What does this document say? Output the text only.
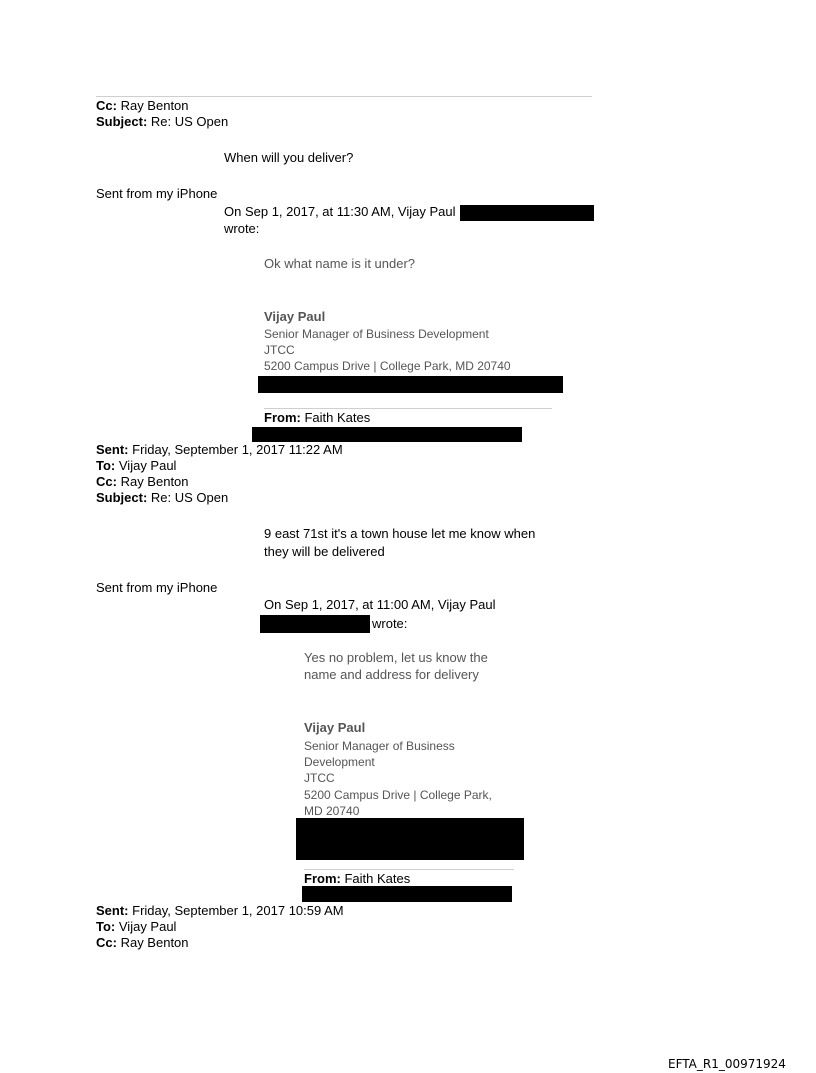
Cc: Ray Benton
Subject: Re: US Open
When will you deliver?
Sent from my iPhone
On Sep 1, 2017, at 11:30 AM, Vijay Paul
wrote:
Ok what name is it under?
Vijay Paul
Senior Manager of Business Development
JTCC
5200 Campus Drive | College Park, MD 20740
From: Faith Kates
Sent: Friday, September 1, 2017 11:22 AM
To: Vijay Paul
Cc: Ray Benton
Subject: Re: US Open
9 east 71st it's a town house let me know when
they will be delivered
Sent from my iPhone
On Sep 1, 2017, at 11:00 AM, Vijay Paul
wrote:
Yes no problem, let us know the
name and address for delivery
Vijay Paul
Senior Manager of Business
Development
JTCC
5200 Campus Drive | College Park,
MD 20740
From: Faith Kates
Sent: Friday, September 1, 2017 10:59 AM
To: Vijay Paul
Cc: Ray Benton
EFTA_R1_00971924
